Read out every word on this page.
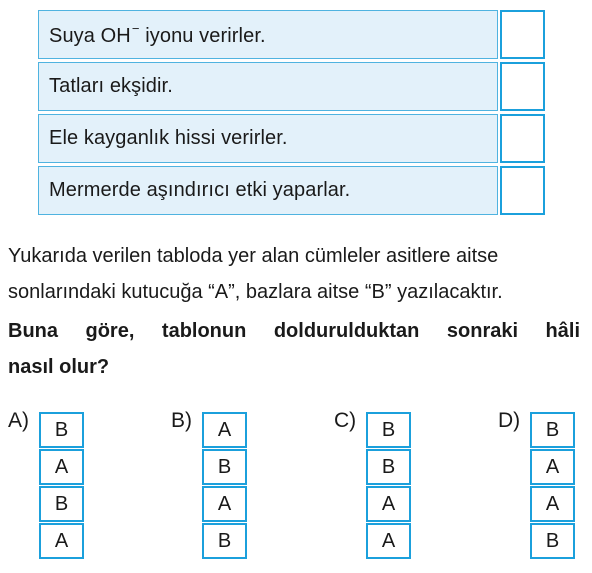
Suya OH− iyonu verirler.
Tatları ekşidir.
Ele kayganlık hissi verirler.
Mermerde aşındırıcı etki yaparlar.
Yukarıda verilen tabloda yer alan cümleler asitlere aitse
sonlarındaki kutucuğa “A”, bazlara aitse “B” yazılacaktır.
Buna göre, tablonun doldurulduktan sonraki hâli
nasıl olur?
A)	B
A
B
A
B)	A
B
A
B
C)	B
B
A
A
D)	B
A
A
B
